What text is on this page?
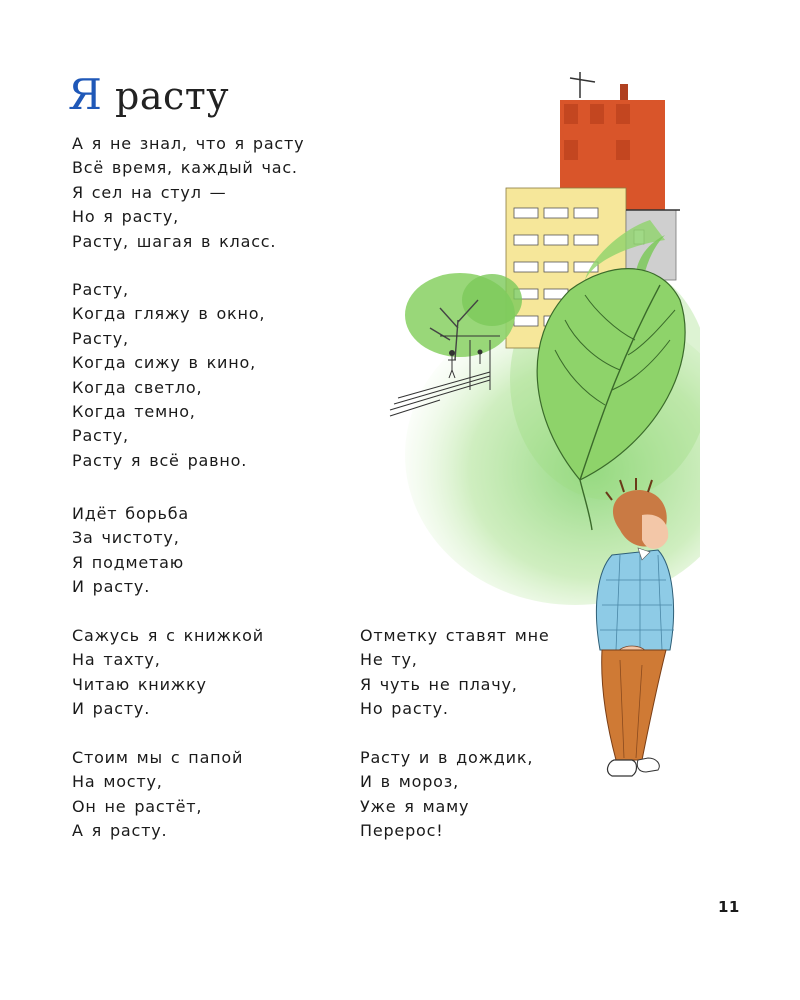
Я расту
А я не знал, что я расту
Всё время, каждый час.
Я сел на стул —
Но я расту,
Расту, шагая в класс.
Расту,
Когда гляжу в окно,
Расту,
Когда сижу в кино,
Когда светло,
Когда темно,
Расту,
Расту я всё равно.
Идёт борьба
За чистоту,
Я подметаю
И расту.
Сажусь я с книжкой
На тахту,
Читаю книжку
И расту.
Стоим мы с папой
На мосту,
Он не растёт,
А я расту.
Отметку ставят мне
Не ту,
Я чуть не плачу,
Но расту.
Расту и в дождик,
И в мороз,
Уже я маму
Перерос!
11
